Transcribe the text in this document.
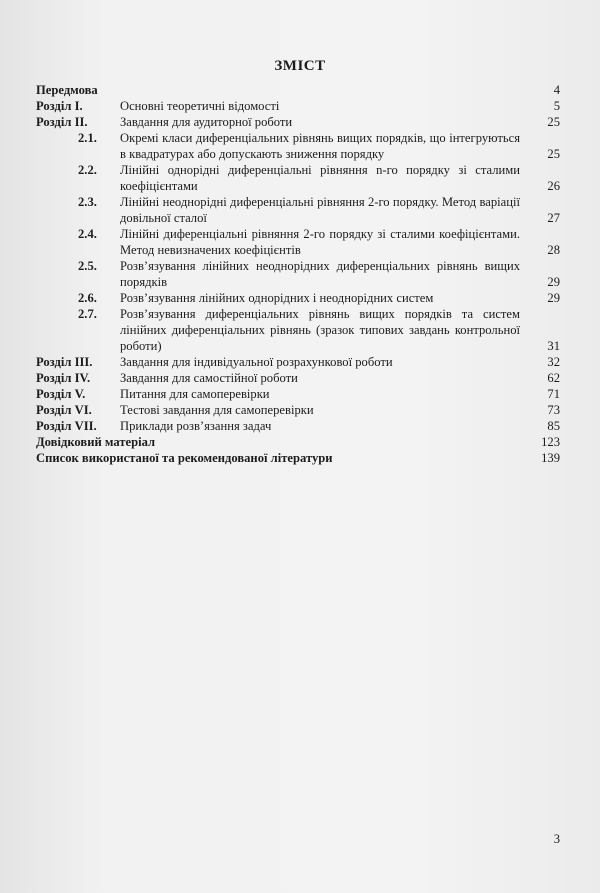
ЗМІСТ
Передмова	4
Розділ I.	Основні теоретичні відомості	5
Розділ II.	Завдання для аудиторної роботи	25
2.1. Окремі класи диференціальних рівнянь вищих порядків, що інтегруються в квадратурах або допускають зниження порядку	25
2.2. Лінійні однорідні диференціальні рівняння n-го порядку зі сталими коефіцієнтами	26
2.3. Лінійні неоднорідні диференціальні рівняння 2-го порядку. Метод варіації довільної сталої	27
2.4. Лінійні диференціальні рівняння 2-го порядку зі сталими коефіцієнтами. Метод невизначених коефіцієнтів	28
2.5. Розв’язування лінійних неоднорідних диференціальних рівнянь вищих порядків	29
2.6. Розв’язування лінійних однорідних і неоднорідних систем	29
2.7. Розв’язування диференціальних рівнянь вищих порядків та систем лінійних диференціальних рівнянь (зразок типових завдань контрольної роботи)	31
Розділ III. Завдання для індивідуальної розрахункової роботи	32
Розділ IV. Завдання для самостійної роботи	62
Розділ V.	Питання для самоперевірки	71
Розділ VI. Тестові завдання для самоперевірки	73
Розділ VII. Приклади розв’язання задач	85
Довідковий матеріал	123
Список використаної та рекомендованої літератури	139
3
